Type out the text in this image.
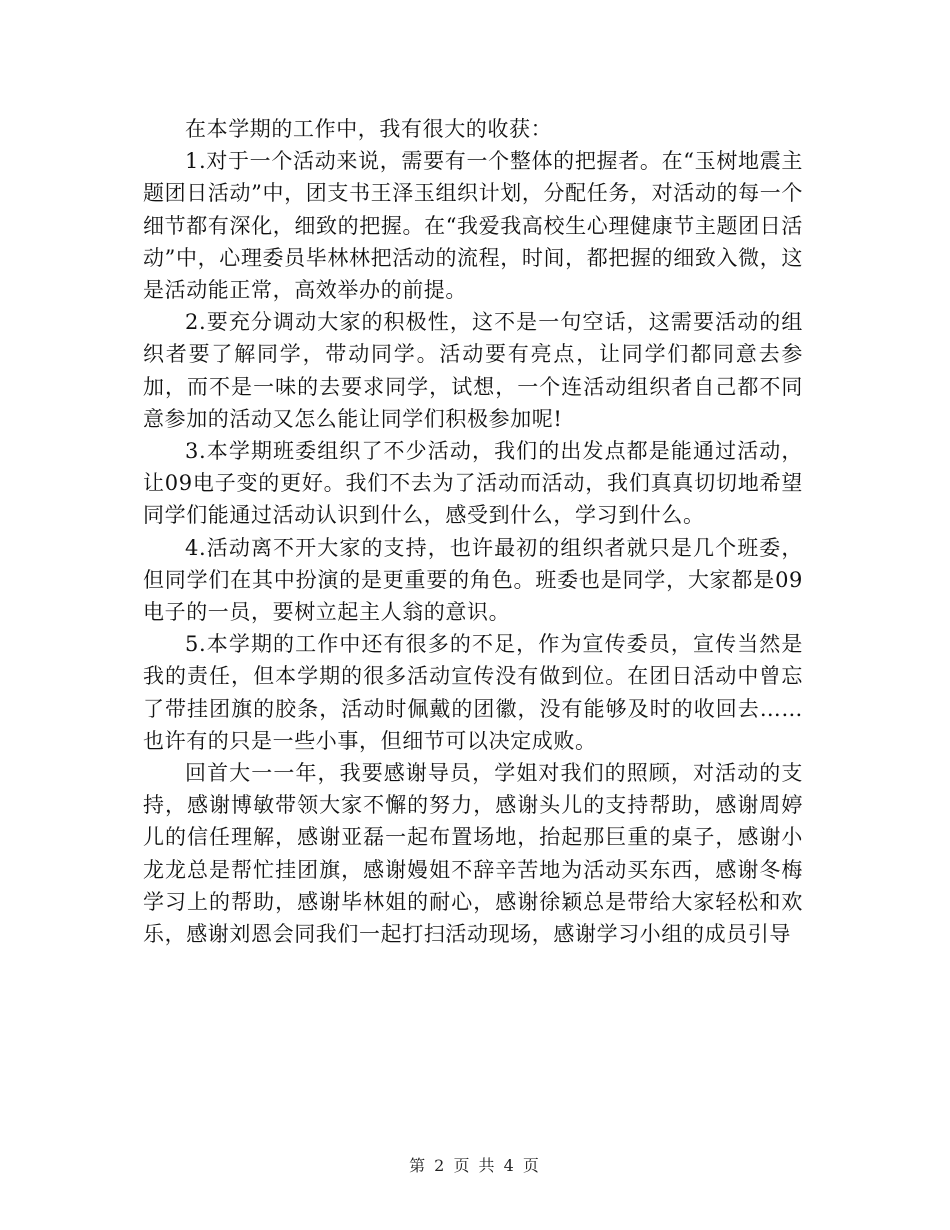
在本学期的工作中，我有很大的收获：

1.对于一个活动来说，需要有一个整体的把握者。在“玉树地震主题团日活动”中，团支书王泽玉组织计划，分配任务，对活动的每一个细节都有深化，细致的把握。在“我爱我高校生心理健康节主题团日活动”中，心理委员毕林林把活动的流程，时间，都把握的细致入微，这是活动能正常，高效举办的前提。

2.要充分调动大家的积极性，这不是一句空话，这需要活动的组织者要了解同学，带动同学。活动要有亮点，让同学们都同意去参加，而不是一味的去要求同学，试想，一个连活动组织者自己都不同意参加的活动又怎么能让同学们积极参加呢!

3.本学期班委组织了不少活动，我们的出发点都是能通过活动，让09电子变的更好。我们不去为了活动而活动，我们真真切切地希望同学们能通过活动认识到什么，感受到什么，学习到什么。

4.活动离不开大家的支持，也许最初的组织者就只是几个班委，但同学们在其中扮演的是更重要的角色。班委也是同学，大家都是09电子的一员，要树立起主人翁的意识。

5.本学期的工作中还有很多的不足，作为宣传委员，宣传当然是我的责任，但本学期的很多活动宣传没有做到位。在团日活动中曾忘了带挂团旗的胶条，活动时佩戴的团徽，没有能够及时的收回去……也许有的只是一些小事，但细节可以决定成败。

回首大一一年，我要感谢导员，学姐对我们的照顾，对活动的支持，感谢博敏带领大家不懈的努力，感谢头儿的支持帮助，感谢周婷儿的信任理解，感谢亚磊一起布置场地，抬起那巨重的桌子，感谢小龙龙总是帮忙挂团旗，感谢嫚姐不辞辛苦地为活动买东西，感谢冬梅学习上的帮助，感谢毕林姐的耐心，感谢徐颖总是带给大家轻松和欢乐，感谢刘恩会同我们一起打扫活动现场，感谢学习小组的成员引导

第 2 页 共 4 页
